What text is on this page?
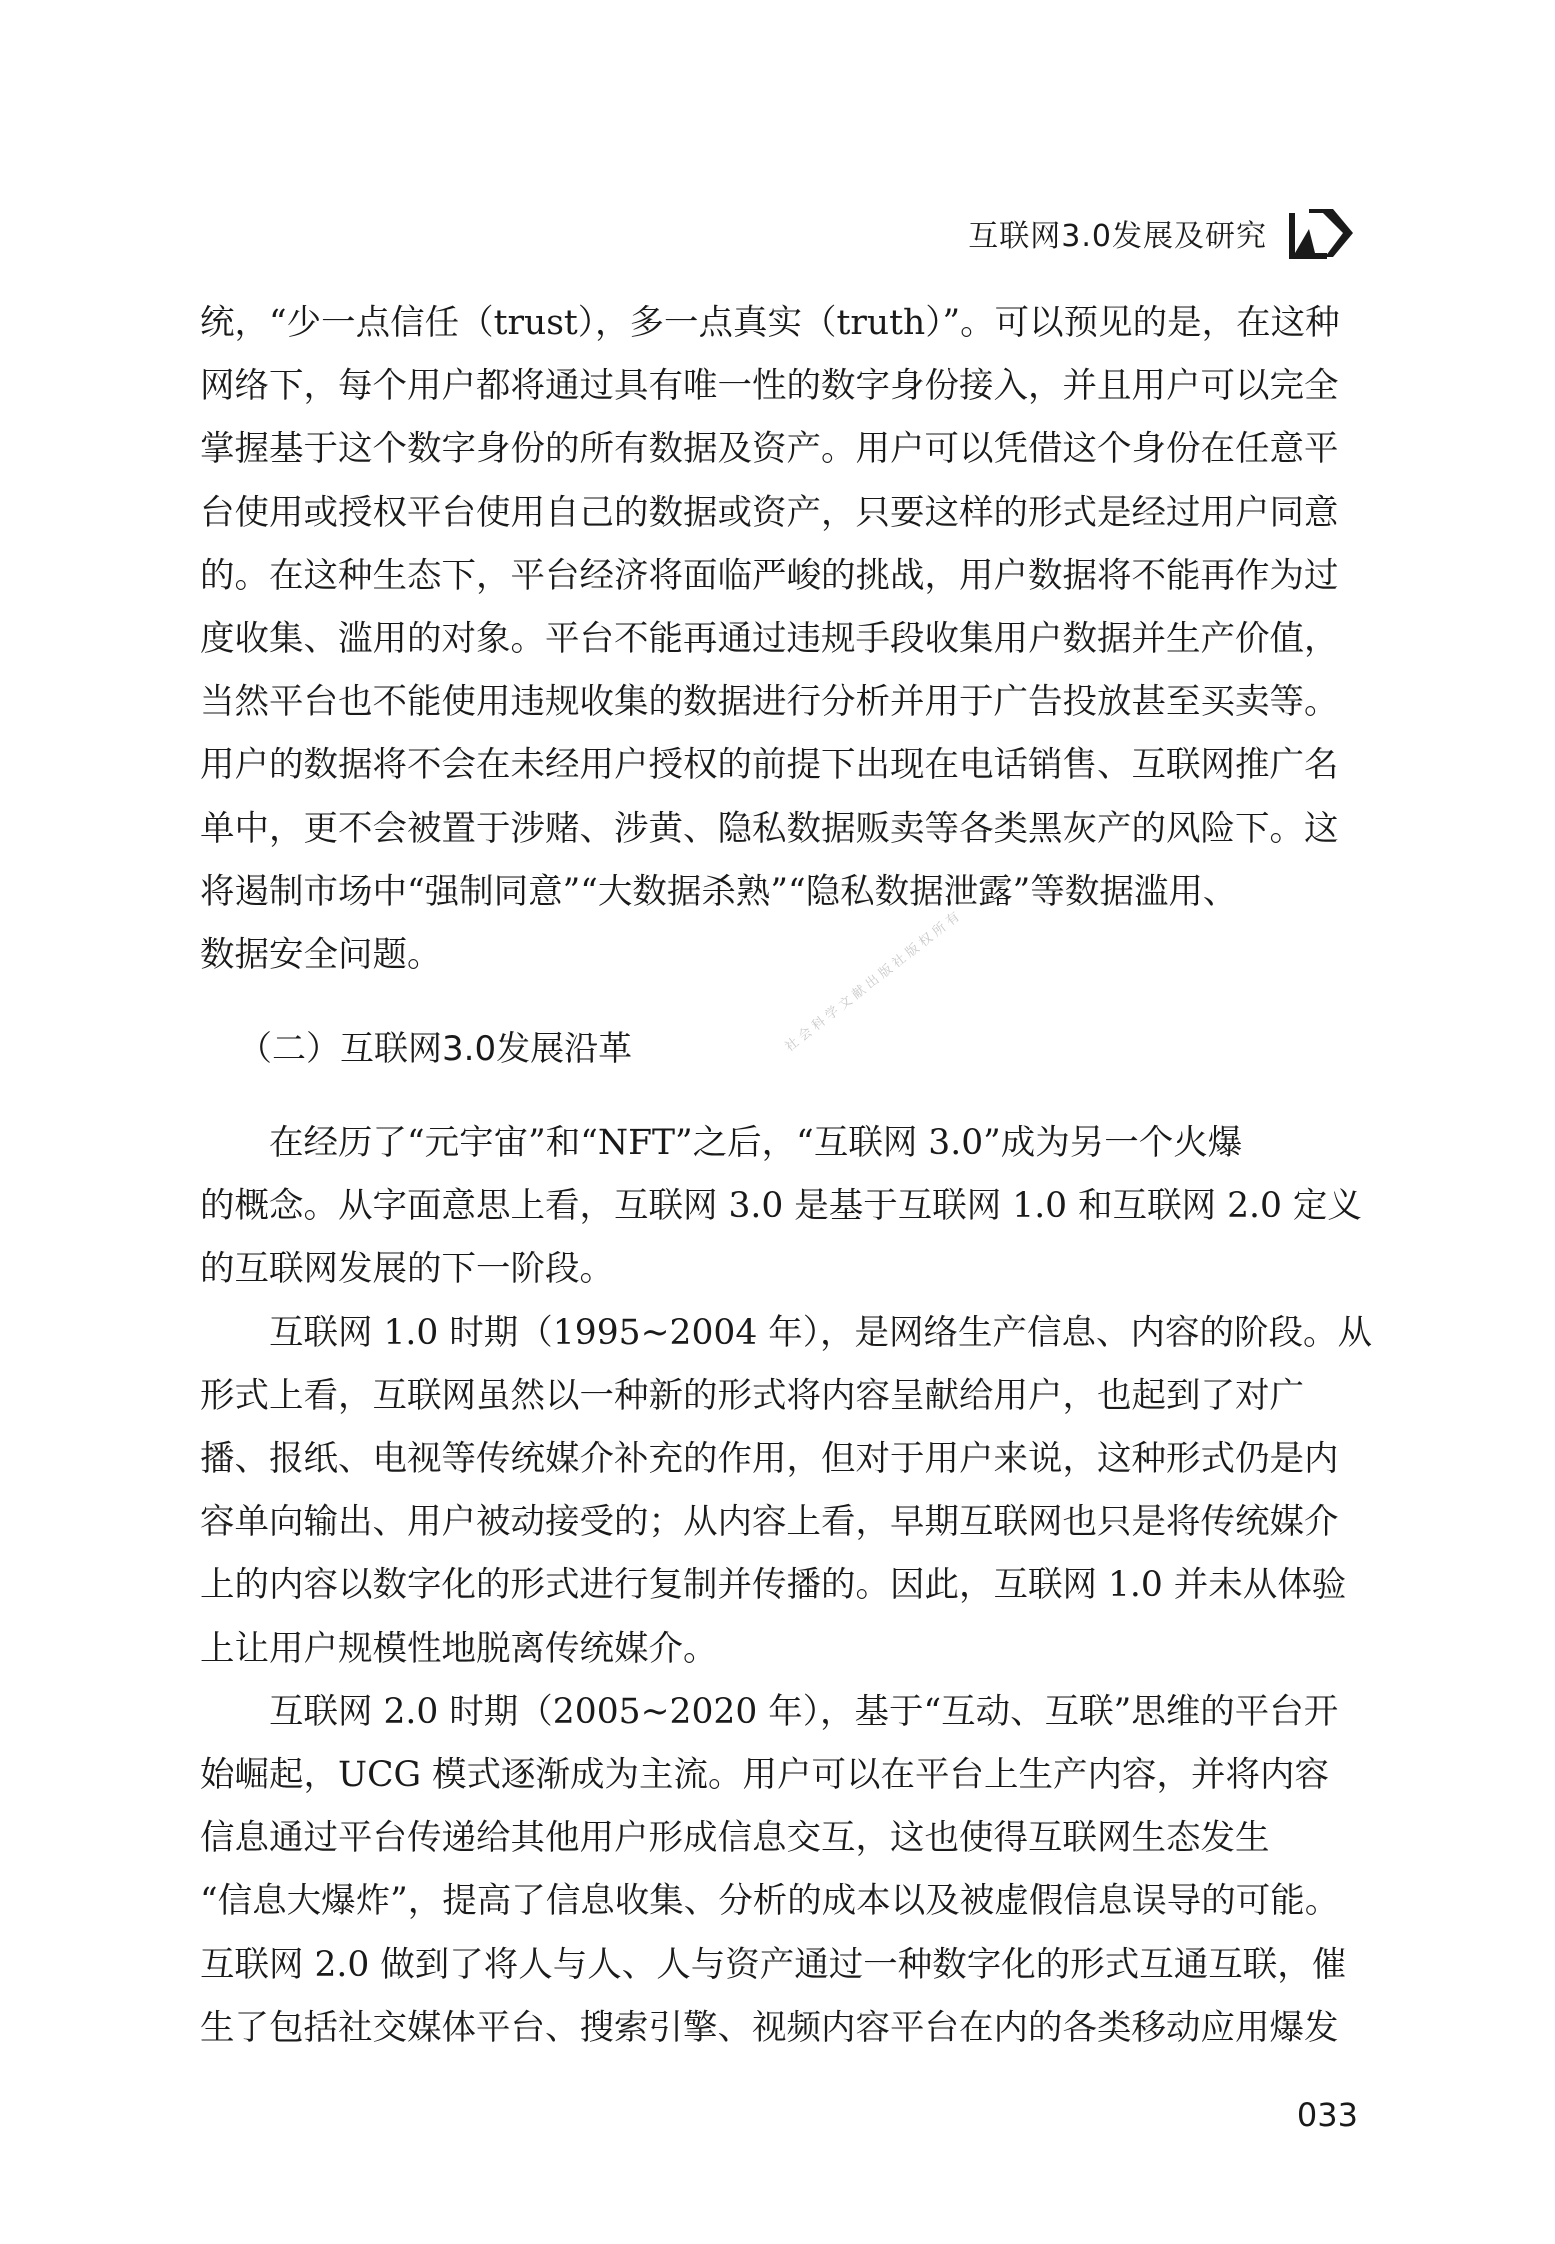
互联网3.0发展及研究
社会科学文献出版社版权所有
统，“少一点信任（trust），多一点真实（truth）”。可以预见的是，在这种
网络下，每个用户都将通过具有唯一性的数字身份接入，并且用户可以完全
掌握基于这个数字身份的所有数据及资产。用户可以凭借这个身份在任意平
台使用或授权平台使用自己的数据或资产，只要这样的形式是经过用户同意
的。在这种生态下，平台经济将面临严峻的挑战，用户数据将不能再作为过
度收集、滥用的对象。平台不能再通过违规手段收集用户数据并生产价值，
当然平台也不能使用违规收集的数据进行分析并用于广告投放甚至买卖等。
用户的数据将不会在未经用户授权的前提下出现在电话销售、互联网推广名
单中，更不会被置于涉赌、涉黄、隐私数据贩卖等各类黑灰产的风险下。这
将遏制市场中“强制同意”“大数据杀熟”“隐私数据泄露”等数据滥用、
数据安全问题。
（二）互联网3.0发展沿革
在经历了“元宇宙”和“NFT”之后，“互联网 3.0”成为另一个火爆
的概念。从字面意思上看，互联网 3.0 是基于互联网 1.0 和互联网 2.0 定义
的互联网发展的下一阶段。
互联网 1.0 时期（1995~2004 年），是网络生产信息、内容的阶段。从
形式上看，互联网虽然以一种新的形式将内容呈献给用户，也起到了对广
播、报纸、电视等传统媒介补充的作用，但对于用户来说，这种形式仍是内
容单向输出、用户被动接受的；从内容上看，早期互联网也只是将传统媒介
上的内容以数字化的形式进行复制并传播的。因此，互联网 1.0 并未从体验
上让用户规模性地脱离传统媒介。
互联网 2.0 时期（2005~2020 年），基于“互动、互联”思维的平台开
始崛起，UCG 模式逐渐成为主流。用户可以在平台上生产内容，并将内容
信息通过平台传递给其他用户形成信息交互，这也使得互联网生态发生
“信息大爆炸”，提高了信息收集、分析的成本以及被虚假信息误导的可能。
互联网 2.0 做到了将人与人、人与资产通过一种数字化的形式互通互联，催
生了包括社交媒体平台、搜索引擎、视频内容平台在内的各类移动应用爆发
033
